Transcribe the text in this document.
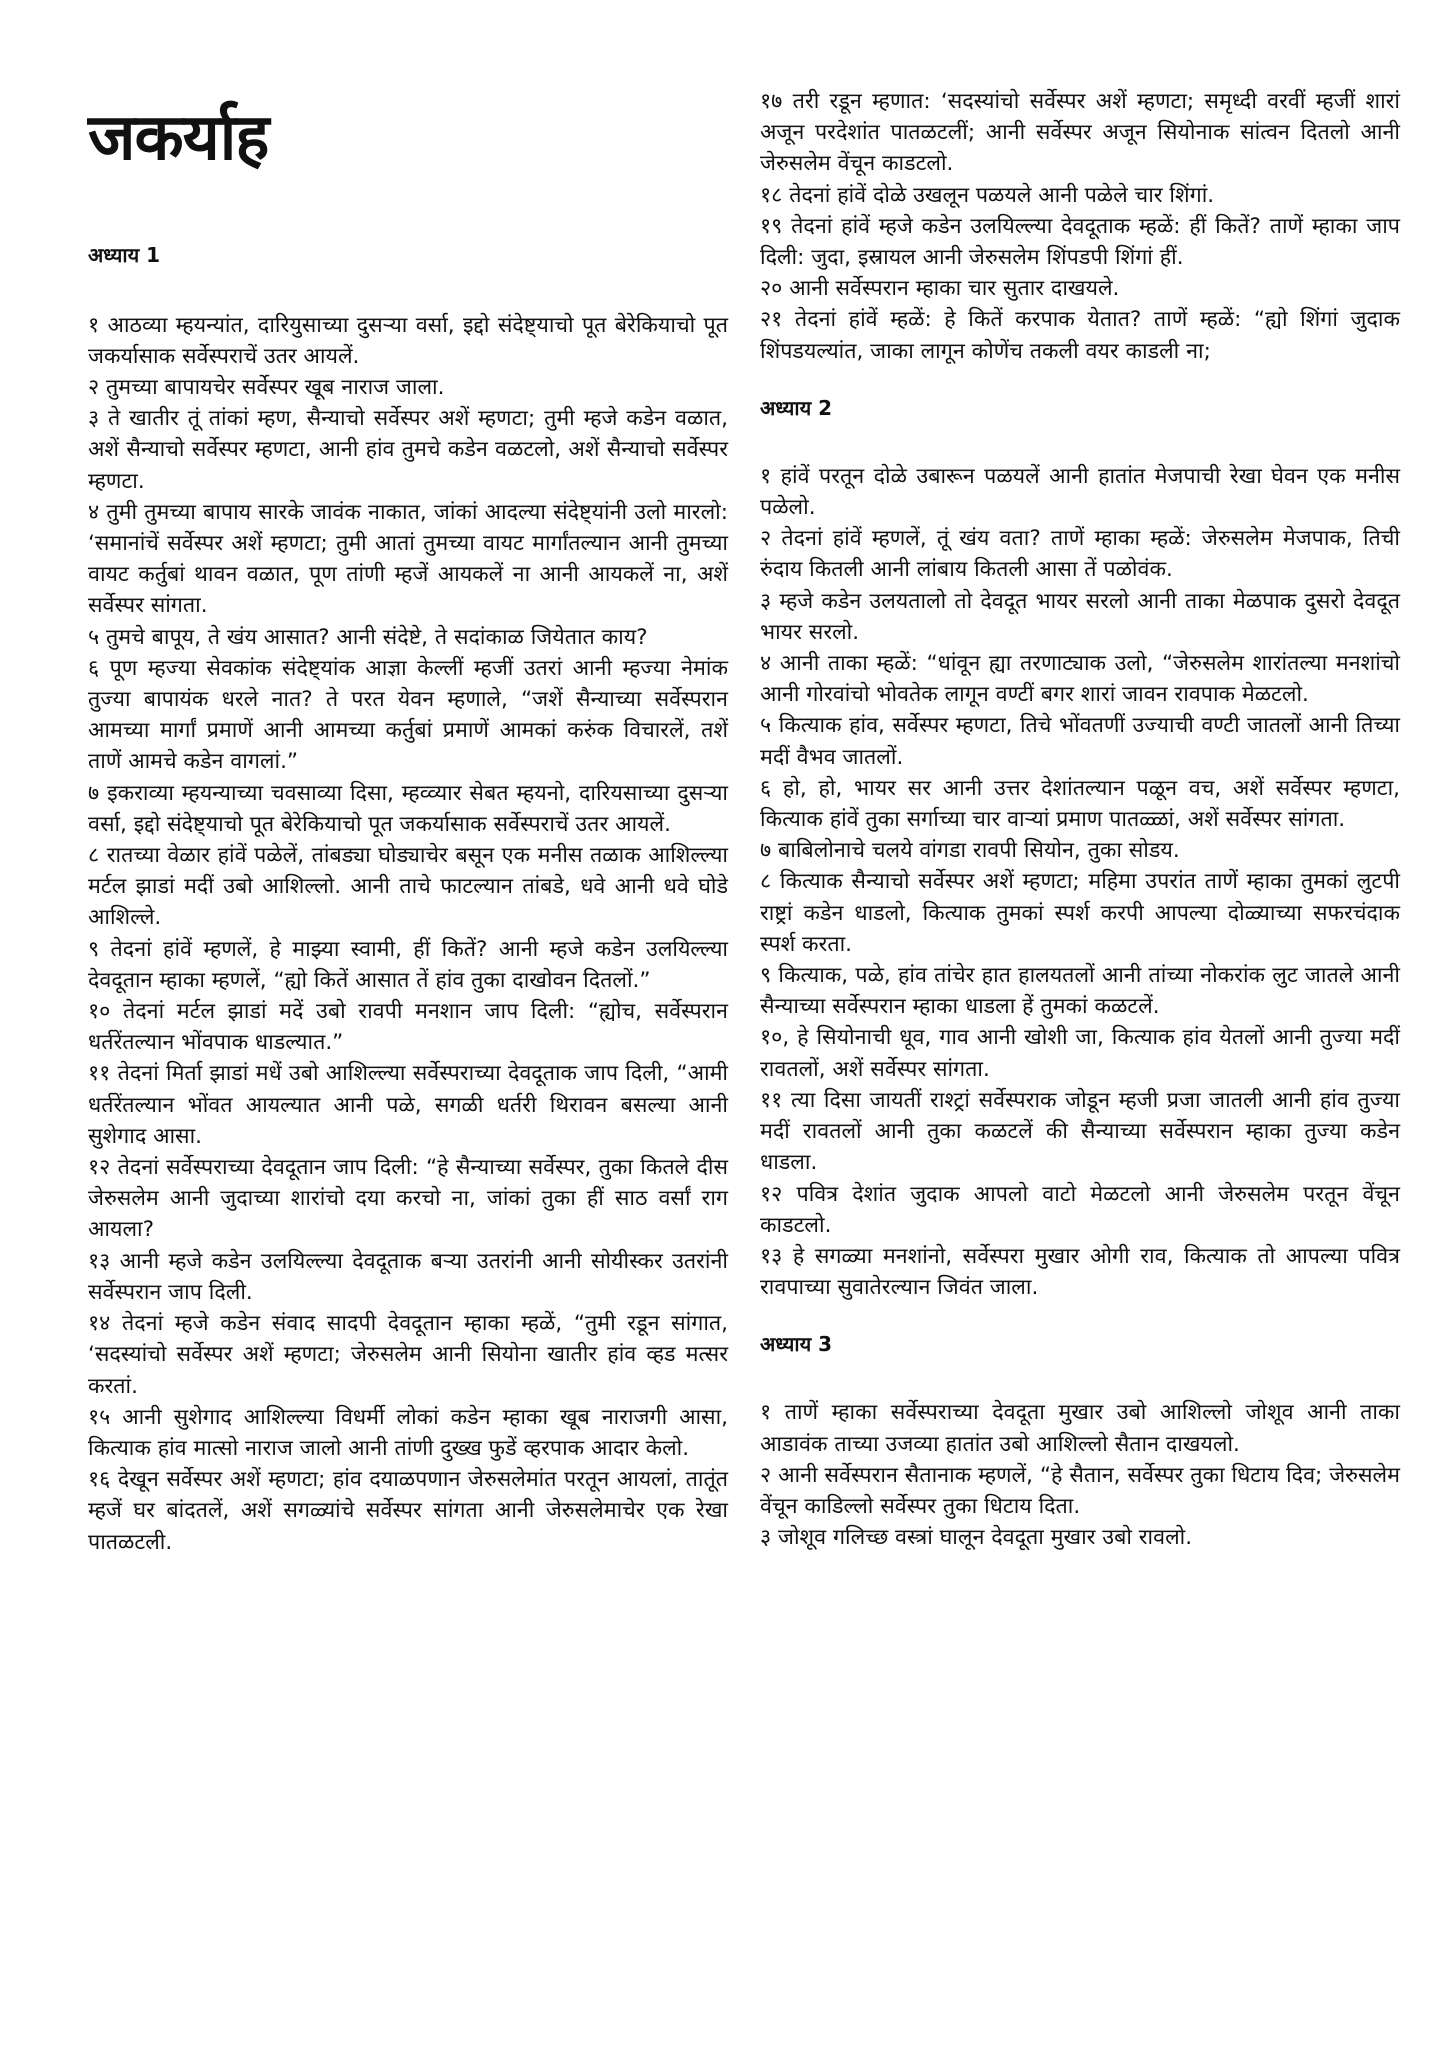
जकर्याह
अध्याय 1

१ आठव्या म्हयन्यांत, दारियुसाच्या दुसऱ्या वर्सा, इद्दो संदेष्ट्याचो पूत बेरेकियाचो पूत जकर्यासाक सर्वेस्पराचें उतर आयलें.

२ तुमच्या बापायचेर सर्वेस्पर खूब नाराज जाला.

३ ते खातीर तूं तांकां म्हण, सैन्याचो सर्वेस्पर अशें म्हणटा; तुमी म्हजे कडेन वळात, अशें सैन्याचो सर्वेस्पर म्हणटा, आनी हांव तुमचे कडेन वळटलो, अशें सैन्याचो सर्वेस्पर म्हणटा.

४ तुमी तुमच्या बापाय सारके जावंक नाकात, जांकां आदल्या संदेष्ट्यांनी उलो मारलो: ‘समानांचें सर्वेस्पर अशें म्हणटा; तुमी आतां तुमच्या वायट मार्गांतल्यान आनी तुमच्या वायट कर्तुबां थावन वळात, पूण तांणी म्हजें आयकलें ना आनी आयकलें ना, अशें सर्वेस्पर सांगता.

५ तुमचे बापूय, ते खंय आसात? आनी संदेष्टे, ते सदांकाळ जियेतात काय?

६ पूण म्हज्या सेवकांक संदेष्ट्यांक आज्ञा केल्लीं म्हजीं उतरां आनी म्हज्या नेमांक तुज्या बापायंक धरले नात? ते परत येवन म्हणाले, “जशें सैन्याच्या सर्वेस्परान आमच्या मार्गां प्रमाणें आनी आमच्या कर्तुबां प्रमाणें आमकां करुंक विचारलें, तशें ताणें आमचे कडेन वागलां.”

७ इकराव्या म्हयन्याच्या चवसाव्या दिसा, म्हव्व्यार सेबत म्हयनो, दारियसाच्या दुसऱ्या वर्सा, इद्दो संदेष्ट्याचो पूत बेरेकियाचो पूत जकर्यासाक सर्वेस्पराचें उतर आयलें.

८ रातच्या वेळार हांवें पळेलें, तांबड्या घोड्याचेर बसून एक मनीस तळाक आशिल्ल्या मर्टल झाडां मदीं उबो आशिल्लो. आनी ताचे फाटल्यान तांबडे, धवे आनी धवे घोडे आशिल्ले.

९ तेदनां हांवें म्हणलें, हे माझ्या स्वामी, हीं कितें? आनी म्हजे कडेन उलयिल्ल्या देवदूतान म्हाका म्हणलें, “ह्यो कितें आसात तें हांव तुका दाखोवन दितलों.”

१० तेदनां मर्टल झाडां मदें उबो रावपी मनशान जाप दिली: “ह्योच, सर्वेस्परान धर्तरेंतल्यान भोंवपाक धाडल्यात.”

११ तेदनां मिर्ता झाडां मधें उबो आशिल्ल्या सर्वेस्पराच्या देवदूताक जाप दिली, “आमी धर्तरेंतल्यान भोंवत आयल्यात आनी पळे, सगळी धर्तरी थिरावन बसल्या आनी सुशेगाद आसा.

१२ तेदनां सर्वेस्पराच्या देवदूतान जाप दिली: “हे सैन्याच्या सर्वेस्पर, तुका कितले दीस जेरुसलेम आनी जुदाच्या शारांचो दया करचो ना, जांकां तुका हीं साठ वर्सां राग आयला?

१३ आनी म्हजे कडेन उलयिल्ल्या देवदूताक बऱ्या उतरांनी आनी सोयीस्कर उतरांनी सर्वेस्परान जाप दिली.

१४ तेदनां म्हजे कडेन संवाद सादपी देवदूतान म्हाका म्हळें, “तुमी रडून सांगात, ‘सदस्यांचो सर्वेस्पर अशें म्हणटा; जेरुसलेम आनी सियोना खातीर हांव व्हड मत्सर करतां.

१५ आनी सुशेगाद आशिल्ल्या विधर्मी लोकां कडेन म्हाका खूब नाराजगी आसा, कित्याक हांव मात्सो नाराज जालो आनी तांणी दुख्ख फुडें व्हरपाक आदार केलो.

१६ देखून सर्वेस्पर अशें म्हणटा; हांव दयाळपणान जेरुसलेमांत परतून आयलां, तातूंत म्हजें घर बांदतलें, अशें सगळ्यांचे सर्वेस्पर सांगता आनी जेरुसलेमाचेर एक रेखा पातळटली.

१७ तरी रडून म्हणात: ‘सदस्यांचो सर्वेस्पर अशें म्हणटा; समृध्दी वरवीं म्हजीं शारां अजून परदेशांत पातळटलीं; आनी सर्वेस्पर अजून सियोनाक सांत्वन दितलो आनी जेरुसलेम वेंचून काडटलो.

१८ तेदनां हांवें दोळे उखलून पळयले आनी पळेले चार शिंगां.

१९ तेदनां हांवें म्हजे कडेन उलयिल्ल्या देवदूताक म्हळें: हीं कितें? ताणें म्हाका जाप दिली: जुदा, इस्रायल आनी जेरुसलेम शिंपडपी शिंगां हीं.

२० आनी सर्वेस्परान म्हाका चार सुतार दाखयले.

२१ तेदनां हांवें म्हळें: हे कितें करपाक येतात? ताणें म्हळें: “ह्यो शिंगां जुदाक शिंपडयल्यांत, जाका लागून कोणेंच तकली वयर काडली ना;

अध्याय 2

१ हांवें परतून दोळे उबारून पळयलें आनी हातांत मेजपाची रेखा घेवन एक मनीस पळेलो.

२ तेदनां हांवें म्हणलें, तूं खंय वता? ताणें म्हाका म्हळें: जेरुसलेम मेजपाक, तिची रुंदाय कितली आनी लांबाय कितली आसा तें पळोवंक.

३ म्हजे कडेन उलयतालो तो देवदूत भायर सरलो आनी ताका मेळपाक दुसरो देवदूत भायर सरलो.

४ आनी ताका म्हळें: “धांवून ह्या तरणाट्याक उलो, “जेरुसलेम शारांतल्या मनशांचो आनी गोरवांचो भोवतेक लागून वण्टीं बगर शारां जावन रावपाक मेळटलो.

५ कित्याक हांव, सर्वेस्पर म्हणटा, तिचे भोंवतणीं उज्याची वण्टी जातलों आनी तिच्या मदीं वैभव जातलों.

६ हो, हो, भायर सर आनी उत्तर देशांतल्यान पळून वच, अशें सर्वेस्पर म्हणटा, कित्याक हांवें तुका सर्गाच्या चार वाऱ्यां प्रमाण पातळ्ळां, अशें सर्वेस्पर सांगता.

७ बाबिलोनाचे चलये वांगडा रावपी सियोन, तुका सोडय.

८ कित्याक सैन्याचो सर्वेस्पर अशें म्हणटा; महिमा उपरांत ताणें म्हाका तुमकां लुटपी राष्ट्रां कडेन धाडलो, कित्याक तुमकां स्पर्श करपी आपल्या दोळ्याच्या सफरचंदाक स्पर्श करता.

९ कित्याक, पळे, हांव तांचेर हात हालयतलों आनी तांच्या नोकरांक लुट जातले आनी सैन्याच्या सर्वेस्परान म्हाका धाडला हें तुमकां कळटलें.

१०, हे सियोनाची धूव, गाव आनी खोशी जा, कित्याक हांव येतलों आनी तुज्या मदीं रावतलों, अशें सर्वेस्पर सांगता.

११ त्या दिसा जायतीं राश्ट्रां सर्वेस्पराक जोडून म्हजी प्रजा जातली आनी हांव तुज्या मदीं रावतलों आनी तुका कळटलें की सैन्याच्या सर्वेस्परान म्हाका तुज्या कडेन धाडला.

१२ पवित्र देशांत जुदाक आपलो वाटो मेळटलो आनी जेरुसलेम परतून वेंचून काडटलो.

१३ हे सगळ्या मनशांनो, सर्वेस्परा मुखार ओगी राव, कित्याक तो आपल्या पवित्र रावपाच्या सुवातेरल्यान जिवंत जाला.

अध्याय 3

१ ताणें म्हाका सर्वेस्पराच्या देवदूता मुखार उबो आशिल्लो जोशूव आनी ताका आडावंक ताच्या उजव्या हातांत उबो आशिल्लो सैतान दाखयलो.

२ आनी सर्वेस्परान सैतानाक म्हणलें, “हे सैतान, सर्वेस्पर तुका धिटाय दिव; जेरुसलेम वेंचून काडिल्लो सर्वेस्पर तुका धिटाय दिता.

३ जोशूव गलिच्छ वस्त्रां घालून देवदूता मुखार उबो रावलो.
